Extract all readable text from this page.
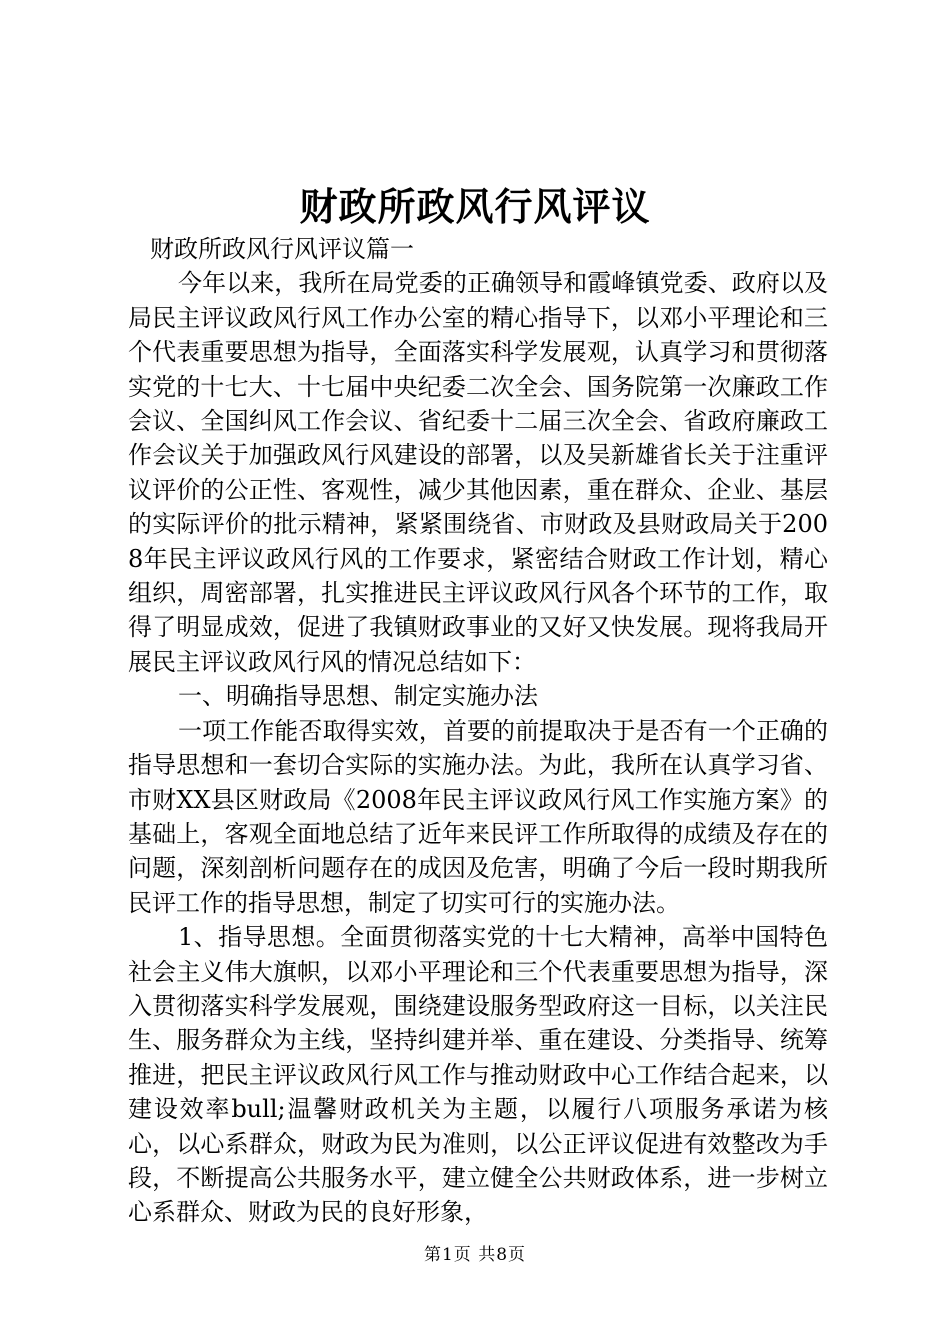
财政所政风行风评议

财政所政风行风评议篇一

今年以来，我所在局党委的正确领导和霞峰镇党委、政府以及局民主评议政风行风工作办公室的精心指导下，以邓小平理论和三个代表重要思想为指导，全面落实科学发展观，认真学习和贯彻落实党的十七大、十七届中央纪委二次全会、国务院第一次廉政工作会议、全国纠风工作会议、省纪委十二届三次全会、省政府廉政工作会议关于加强政风行风建设的部署，以及吴新雄省长关于注重评议评价的公正性、客观性，减少其他因素，重在群众、企业、基层的实际评价的批示精神，紧紧围绕省、市财政及县财政局关于2008年民主评议政风行风的工作要求，紧密结合财政工作计划，精心组织，周密部署，扎实推进民主评议政风行风各个环节的工作，取得了明显成效，促进了我镇财政事业的又好又快发展。现将我局开展民主评议政风行风的情况总结如下：

一、明确指导思想、制定实施办法

一项工作能否取得实效，首要的前提取决于是否有一个正确的指导思想和一套切合实际的实施办法。为此，我所在认真学习省、市财XX县区财政局《2008年民主评议政风行风工作实施方案》的基础上，客观全面地总结了近年来民评工作所取得的成绩及存在的问题，深刻剖析问题存在的成因及危害，明确了今后一段时期我所民评工作的指导思想，制定了切实可行的实施办法。

1、指导思想。全面贯彻落实党的十七大精神，高举中国特色社会主义伟大旗帜，以邓小平理论和三个代表重要思想为指导，深入贯彻落实科学发展观，围绕建设服务型政府这一目标，以关注民生、服务群众为主线，坚持纠建并举、重在建设、分类指导、统筹推进，把民主评议政风行风工作与推动财政中心工作结合起来，以建设效率bull;温馨财政机关为主题，以履行八项服务承诺为核心，以心系群众，财政为民为准则，以公正评议促进有效整改为手段，不断提高公共服务水平，建立健全公共财政体系，进一步树立心系群众、财政为民的良好形象，

第1页 共8页
